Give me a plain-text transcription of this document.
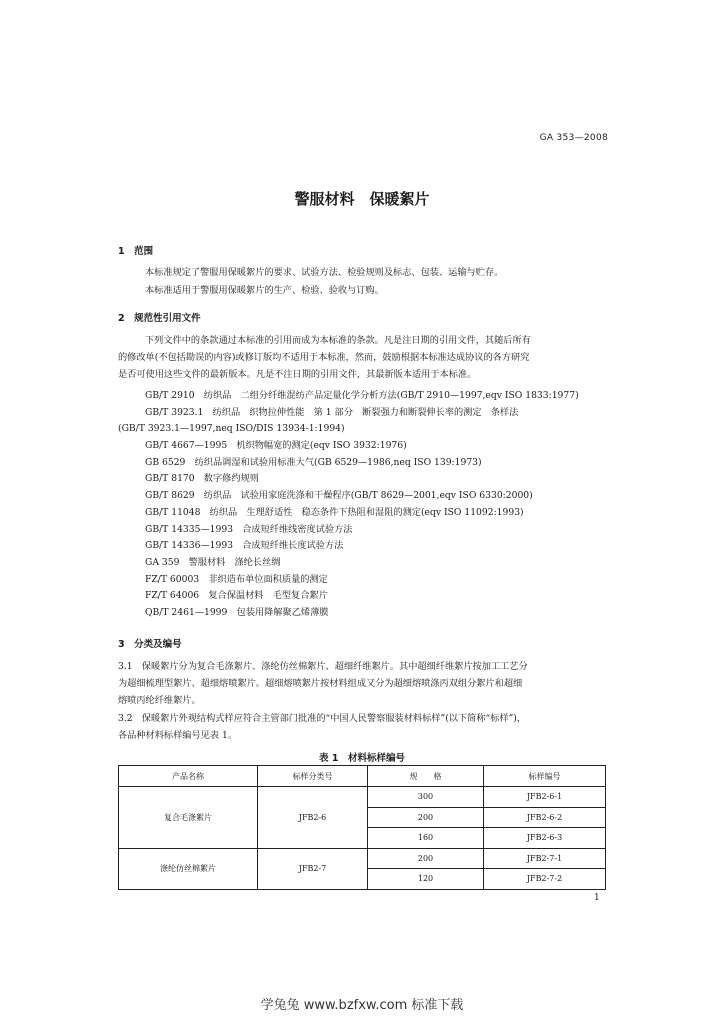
GA 353—2008
警服材料　保暖絮片
1　范围
本标准规定了警服用保暖絮片的要求、试验方法、检验规则及标志、包装、运输与贮存。
本标准适用于警服用保暖絮片的生产、检验、验收与订购。
2　规范性引用文件
下列文件中的条款通过本标准的引用而成为本标准的条款。凡是注日期的引用文件，其随后所有
的修改单(不包括勘误的内容)或修订版均不适用于本标准，然而，鼓励根据本标准达成协议的各方研究
是否可使用这些文件的最新版本。凡是不注日期的引用文件，其最新版本适用于本标准。
GB/T 2910　纺织品　二组分纤维混纺产品定量化学分析方法(GB/T 2910—1997,eqv ISO 1833:1977)
GB/T 3923.1　纺织品　织物拉伸性能　第 1 部分　断裂强力和断裂伸长率的测定　条样法
(GB/T 3923.1—1997,neq ISO/DIS 13934-1:1994)
GB/T 4667—1995　机织物幅宽的测定(eqv ISO 3932:1976)
GB 6529　纺织品调湿和试验用标准大气(GB 6529—1986,neq ISO 139:1973)
GB/T 8170　数字修约规则
GB/T 8629　纺织品　试验用家庭洗涤和干燥程序(GB/T 8629—2001,eqv ISO 6330:2000)
GB/T 11048　纺织品　生理舒适性　稳态条件下热阻和湿阻的测定(eqv ISO 11092:1993)
GB/T 14335—1993　合成短纤维线密度试验方法
GB/T 14336—1993　合成短纤维长度试验方法
GA 359　警服材料　涤纶长丝绸
FZ/T 60003　非织造布单位面积质量的测定
FZ/T 64006　复合保温材料　毛型复合絮片
QB/T 2461—1999　包装用降解聚乙烯薄膜
3　分类及编号
3.1　保暖絮片分为复合毛涤絮片、涤纶仿丝棉絮片、超细纤维絮片。其中超细纤维絮片按加工工艺分
为超细梳理型絮片、超细熔喷絮片。超细熔喷絮片按材料组成又分为超细熔喷涤丙双组分絮片和超细
熔喷丙纶纤维絮片。
3.2　保暖絮片外观结构式样应符合主管部门批准的“中国人民警察服装材料标样”(以下简称“标样”)，
各品种材料标样编号见表 1。
表 1　材料标样编号
产品名称	标样分类号	规　　格	标样编号
复合毛涤絮片	JFB2-6	300	JFB2-6-1
		200	JFB2-6-2
		160	JFB2-6-3
涤纶仿丝棉絮片	JFB2-7	200	JFB2-7-1
		120	JFB2-7-2
1
学兔兔 www.bzfxw.com 标准下载
